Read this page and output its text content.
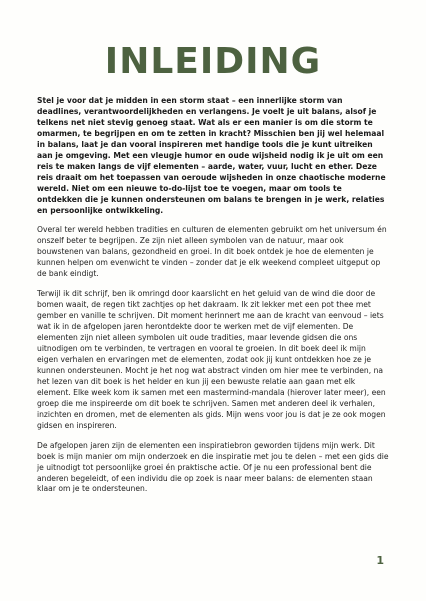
INLEIDING

Stel je voor dat je midden in een storm staat – een innerlijke storm van deadlines, verantwoordelijkheden en verlangens. Je voelt je uit balans, alsof je telkens net niet stevig genoeg staat. Wat als er een manier is om die storm te omarmen, te begrijpen en om te zetten in kracht? Misschien ben jij wel helemaal in balans, laat je dan vooral inspireren met handige tools die je kunt uitreiken aan je omgeving. Met een vleugje humor en oude wijsheid nodig ik je uit om een reis te maken langs de vijf elementen – aarde, water, vuur, lucht en ether. Deze reis draait om het toepassen van oeroude wijsheden in onze chaotische moderne wereld. Niet om een nieuwe to-do-lijst toe te voegen, maar om tools te ontdekken die je kunnen ondersteunen om balans te brengen in je werk, relaties en persoonlijke ontwikkeling.

Overal ter wereld hebben tradities en culturen de elementen gebruikt om het universum én onszelf beter te begrijpen. Ze zijn niet alleen symbolen van de natuur, maar ook bouwstenen van balans, gezondheid en groei. In dit boek ontdek je hoe de elementen je kunnen helpen om evenwicht te vinden – zonder dat je elk weekend compleet uitgeput op de bank eindigt.

Terwijl ik dit schrijf, ben ik omringd door kaarslicht en het geluid van de wind die door de bomen waait, de regen tikt zachtjes op het dakraam. Ik zit lekker met een pot thee met gember en vanille te schrijven. Dit moment herinnert me aan de kracht van eenvoud – iets wat ik in de afgelopen jaren herontdekte door te werken met de vijf elementen. De elementen zijn niet alleen symbolen uit oude tradities, maar levende gidsen die ons uitnodigen om te verbinden, te vertragen en vooral te groeien. In dit boek deel ik mijn eigen verhalen en ervaringen met de elementen, zodat ook jij kunt ontdekken hoe ze je kunnen ondersteunen. Mocht je het nog wat abstract vinden om hier mee te verbinden, na het lezen van dit boek is het helder en kun jij een bewuste relatie aan gaan met elk element. Elke week kom ik samen met een mastermind-mandala (hierover later meer), een groep die me inspireerde om dit boek te schrijven. Samen met anderen deel ik verhalen, inzichten en dromen, met de elementen als gids. Mijn wens voor jou is dat je ze ook mogen gidsen en inspireren.

De afgelopen jaren zijn de elementen een inspiratiebron geworden tijdens mijn werk. Dit boek is mijn manier om mijn onderzoek en die inspiratie met jou te delen – met een gids die je uitnodigt tot persoonlijke groei én praktische actie. Of je nu een professional bent die anderen begeleidt, of een individu die op zoek is naar meer balans: de elementen staan klaar om je te ondersteunen.

1
